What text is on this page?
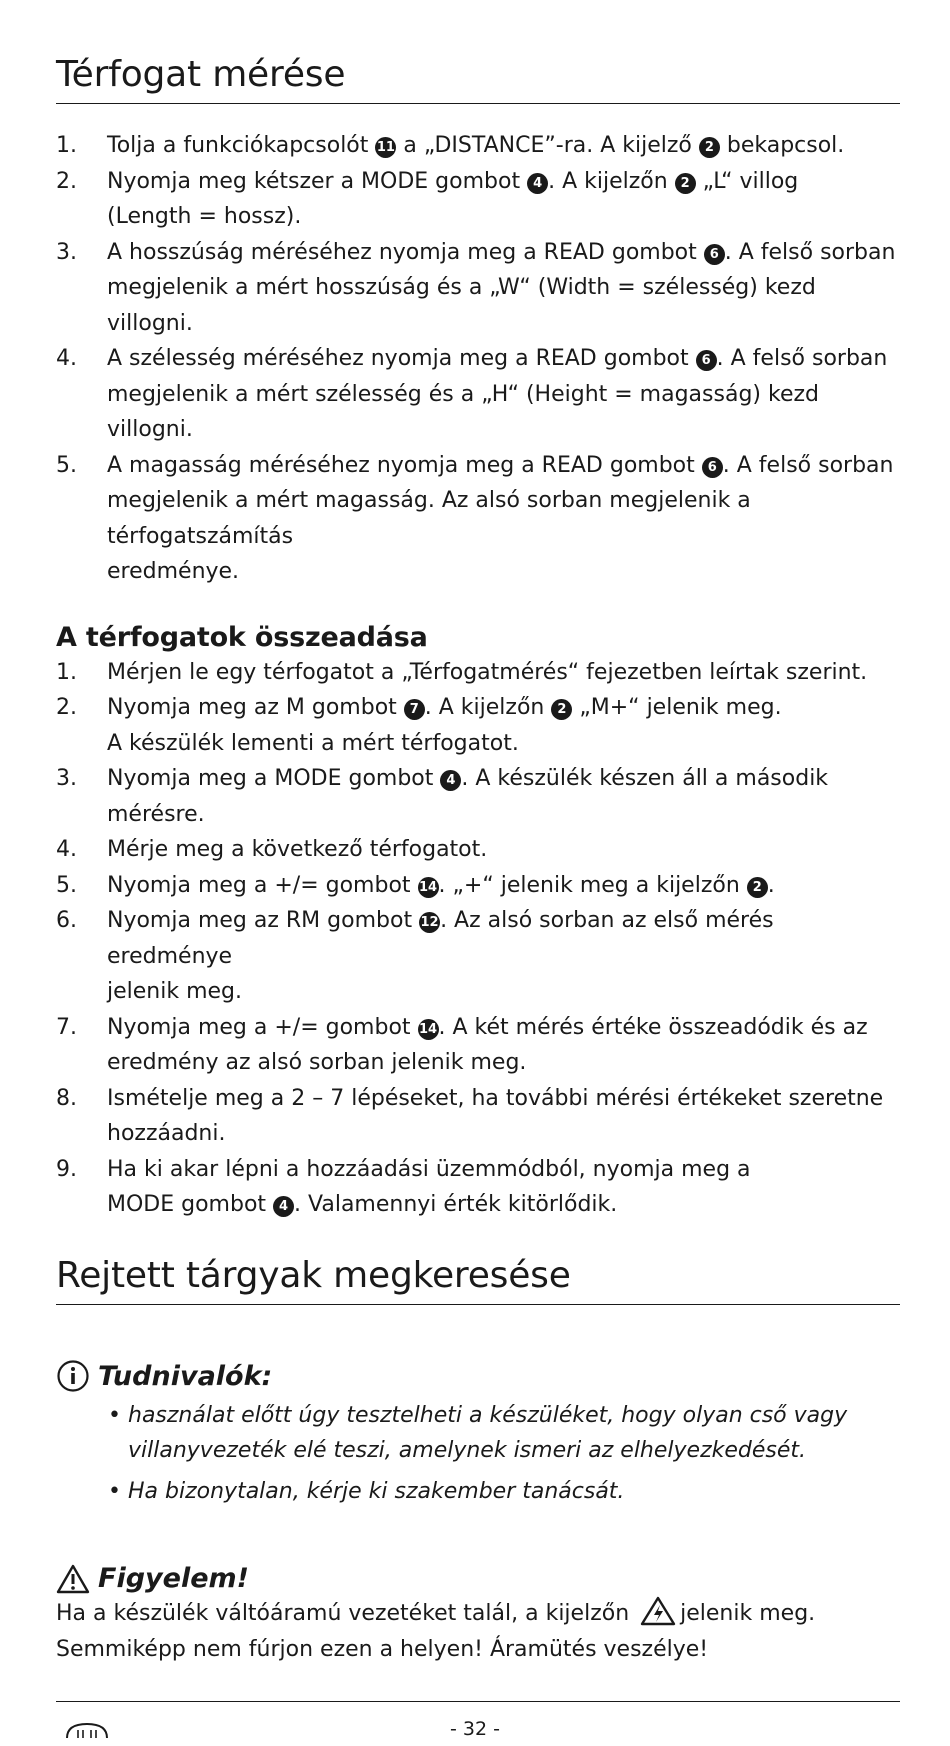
Térfogat mérése
1. Tolja a funkciókapcsolót 11 a „DISTANCE”-ra. A kijelző 2 bekapcsol.
2. Nyomja meg kétszer a MODE gombot 4 . A kijelzőn 2 „L“ villog
(Length = hossz).
3. A hosszúság méréséhez nyomja meg a READ gombot 6 . A felső sorban
megjelenik a mért hosszúság és a „W“ (Width = szélesség) kezd villogni.
4. A szélesség méréséhez nyomja meg a READ gombot 6 . A felső sorban
megjelenik a mért szélesség és a „H“ (Height = magasság) kezd villogni.
5. A magasság méréséhez nyomja meg a READ gombot 6 . A felső sorban
megjelenik a mért magasság. Az alsó sorban megjelenik a térfogatszámítás
eredménye.
A térfogatok összeadása
1. Mérjen le egy térfogatot a „Térfogatmérés“ fejezetben leírtak szerint.
2. Nyomja meg az M gombot 7 . A kijelzőn 2 „M+“ jelenik meg.
A készülék lementi a mért térfogatot.
3. Nyomja meg a MODE gombot 4 . A készülék készen áll a második mérésre.
4. Mérje meg a következő térfogatot.
5. Nyomja meg a +/= gombot 14. „+“ jelenik meg a kijelzőn 2 .
6. Nyomja meg az RM gombot 12. Az alsó sorban az első mérés eredménye
jelenik meg.
7. Nyomja meg a +/= gombot 14. A két mérés értéke összeadódik és az
eredmény az alsó sorban jelenik meg.
8. Ismételje meg a 2 – 7 lépéseket, ha további mérési értékeket szeretne
hozzáadni.
9. Ha ki akar lépni a hozzáadási üzemmódból, nyomja meg a
MODE gombot 4 . Valamennyi érték kitörlődik.
Rejtett tárgyak megkeresése
Tudnivalók:
• használat előtt úgy tesztelheti a készüléket, hogy olyan cső vagy
villanyvezeték elé teszi, amelynek ismeri az elhelyezkedését.
• Ha bizonytalan, kérje ki szakember tanácsát.
Figyelem!
Ha a készülék váltóáramú vezetéket talál, a kijelzőn jelenik meg.
Semmiképp nem fúrjon ezen a helyen! Áramütés veszélye!
- 32 -
